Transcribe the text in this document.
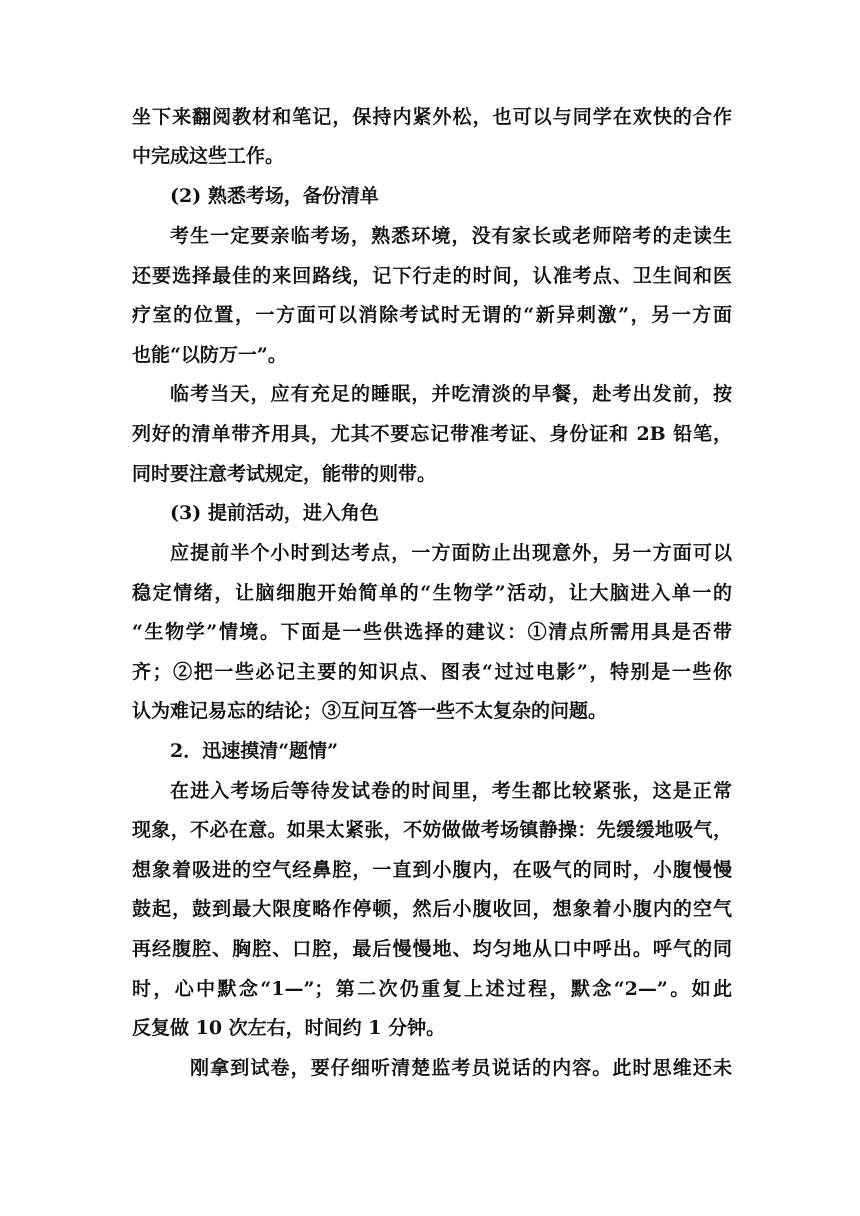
坐下来翻阅教材和笔记，保持内紧外松，也可以与同学在欢快的合作
中完成这些工作。
(2) 熟悉考场，备份清单
考生一定要亲临考场，熟悉环境，没有家长或老师陪考的走读生
还要选择最佳的来回路线，记下行走的时间，认准考点、卫生间和医
疗室的位置，一方面可以消除考试时无谓的“新异刺激”，另一方面
也能“以防万一”。
临考当天，应有充足的睡眠，并吃清淡的早餐，赴考出发前，按
列好的清单带齐用具，尤其不要忘记带准考证、身份证和 2B 铅笔，
同时要注意考试规定，能带的则带。
(3) 提前活动，进入角色
应提前半个小时到达考点，一方面防止出现意外，另一方面可以
稳定情绪，让脑细胞开始简单的“生物学”活动，让大脑进入单一的
“生物学”情境。下面是一些供选择的建议：①清点所需用具是否带
齐；②把一些必记主要的知识点、图表“过过电影”，特别是一些你
认为难记易忘的结论；③互问互答一些不太复杂的问题。
2．迅速摸清“题情”
在进入考场后等待发试卷的时间里，考生都比较紧张，这是正常
现象，不必在意。如果太紧张，不妨做做考场镇静操：先缓缓地吸气，
想象着吸进的空气经鼻腔，一直到小腹内，在吸气的同时，小腹慢慢
鼓起，鼓到最大限度略作停顿，然后小腹收回，想象着小腹内的空气
再经腹腔、胸腔、口腔，最后慢慢地、均匀地从口中呼出。呼气的同
时，心中默念“1—”；第二次仍重复上述过程，默念“2—”。如此
反复做 10 次左右，时间约 1 分钟。
刚拿到试卷，要仔细听清楚监考员说话的内容。此时思维还未
